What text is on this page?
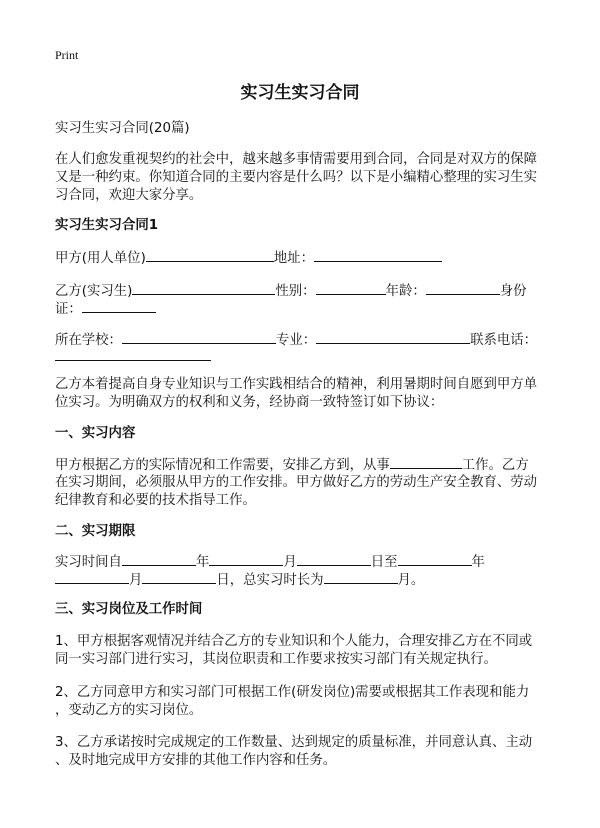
Print
实习生实习合同
实习生实习合同(20篇)
在人们愈发重视契约的社会中，越来越多事情需要用到合同，合同是对双方的保障
又是一种约束。你知道合同的主要内容是什么吗？以下是小编精心整理的实习生实
习合同，欢迎大家分享。
实习生实习合同1
甲方(用人单位)	地址：
乙方(实习生)	性别：	年龄：	身份
证：
所在学校：	专业：	联系电话：
乙方本着提高自身专业知识与工作实践相结合的精神，利用暑期时间自愿到甲方单
位实习。为明确双方的权利和义务，经协商一致特签订如下协议：
一、实习内容
甲方根据乙方的实际情况和工作需要，安排乙方到，从事	工作。乙方
在实习期间，必须服从甲方的工作安排。甲方做好乙方的劳动生产安全教育、劳动
纪律教育和必要的技术指导工作。
二、实习期限
实习时间自	年	月	日至	年
月	日，总实习时长为	月。
三、实习岗位及工作时间
1、甲方根据客观情况并结合乙方的专业知识和个人能力，合理安排乙方在不同或
同一实习部门进行实习，其岗位职责和工作要求按实习部门有关规定执行。
2、乙方同意甲方和实习部门可根据工作(研发岗位)需要或根据其工作表现和能力
，变动乙方的实习岗位。
3、乙方承诺按时完成规定的工作数量、达到规定的质量标准，并同意认真、主动
、及时地完成甲方安排的其他工作内容和任务。
